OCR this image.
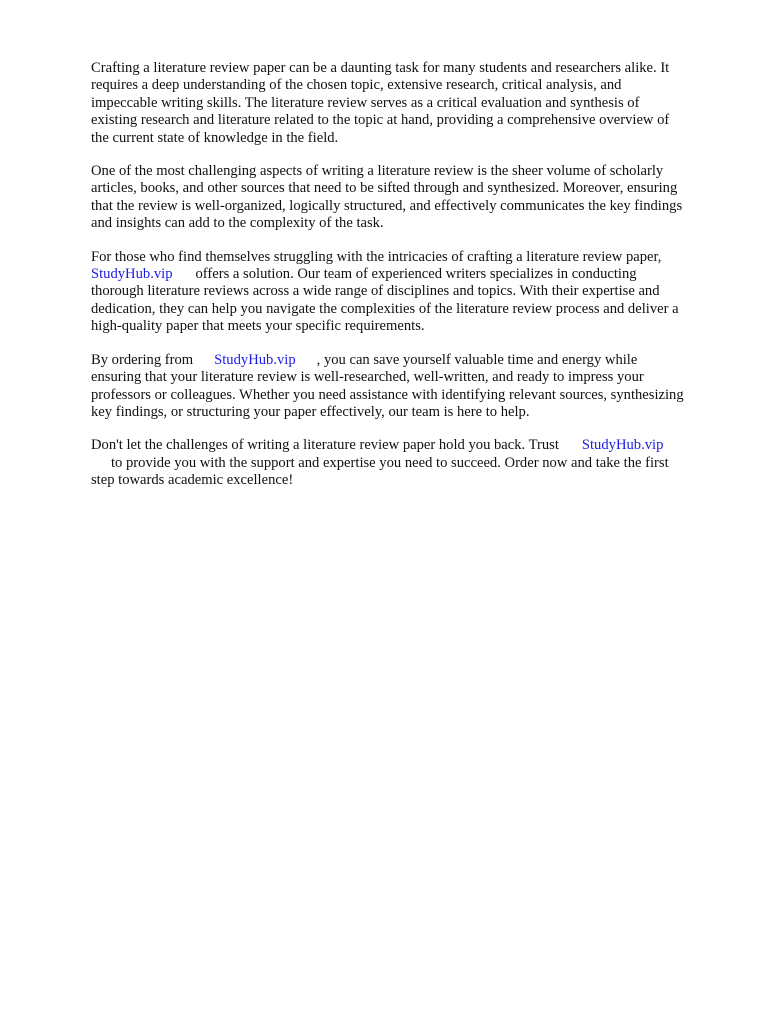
Crafting a literature review paper can be a daunting task for many students and researchers alike. It
requires a deep understanding of the chosen topic, extensive research, critical analysis, and
impeccable writing skills. The literature review serves as a critical evaluation and synthesis of
existing research and literature related to the topic at hand, providing a comprehensive overview of
the current state of knowledge in the field.

One of the most challenging aspects of writing a literature review is the sheer volume of scholarly
articles, books, and other sources that need to be sifted through and synthesized. Moreover, ensuring
that the review is well-organized, logically structured, and effectively communicates the key findings
and insights can add to the complexity of the task.

For those who find themselves struggling with the intricacies of crafting a literature review paper,
StudyHub.vip offers a solution. Our team of experienced writers specializes in conducting
thorough literature reviews across a wide range of disciplines and topics. With their expertise and
dedication, they can help you navigate the complexities of the literature review process and deliver a
high-quality paper that meets your specific requirements.

By ordering from StudyHub.vip , you can save yourself valuable time and energy while
ensuring that your literature review is well-researched, well-written, and ready to impress your
professors or colleagues. Whether you need assistance with identifying relevant sources, synthesizing
key findings, or structuring your paper effectively, our team is here to help.

Don't let the challenges of writing a literature review paper hold you back. Trust StudyHub.vip
to provide you with the support and expertise you need to succeed. Order now and take the first
step towards academic excellence!
